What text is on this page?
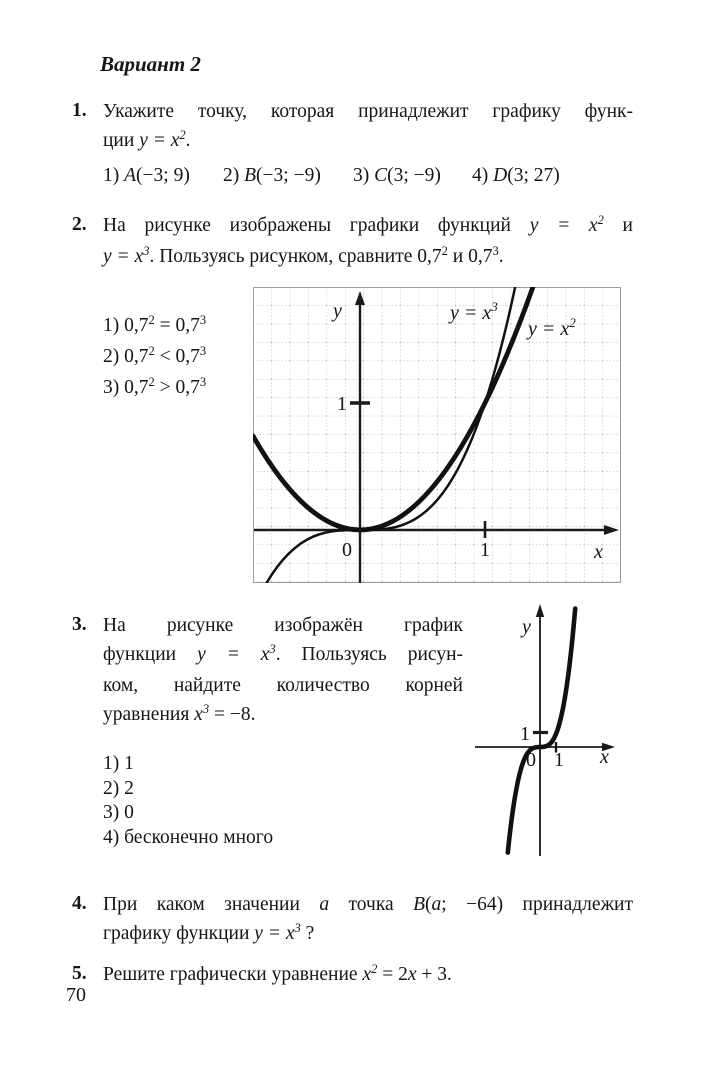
Вариант 2
1. Укажите точку, которая принадлежит графику функ-
ции $y = x^2$.
1) A(−3; 9) 2) B(−3; −9) 3) C(3; −9) 4) D(3; 27)
2. На рисунке изображены графики функций $y = x^2$ и
$y = x^3$. Пользуясь рисунком, сравните $0,7^2$ и $0,7^3$.
1) $0,7^2 = 0,7^3$
2) $0,7^2 < 0,7^3$
3) $0,7^2 > 0,7^3$
y
x
0	1
1
$y = x^3$
$y = x^2$
3. На рисунке изображён график
функции $y = x^3$. Пользуясь рисун-
ком, найдите количество корней
уравнения $x^3 = -8$.
1) 1
2) 2
3) 0
4) бесконечно много
y
x
0 1
1
4. При каком значении a точка B(a; −64) принадлежит
графику функции $y = x^3$ ?
5. Решите графически уравнение $x^2 = 2x + 3$.
70
